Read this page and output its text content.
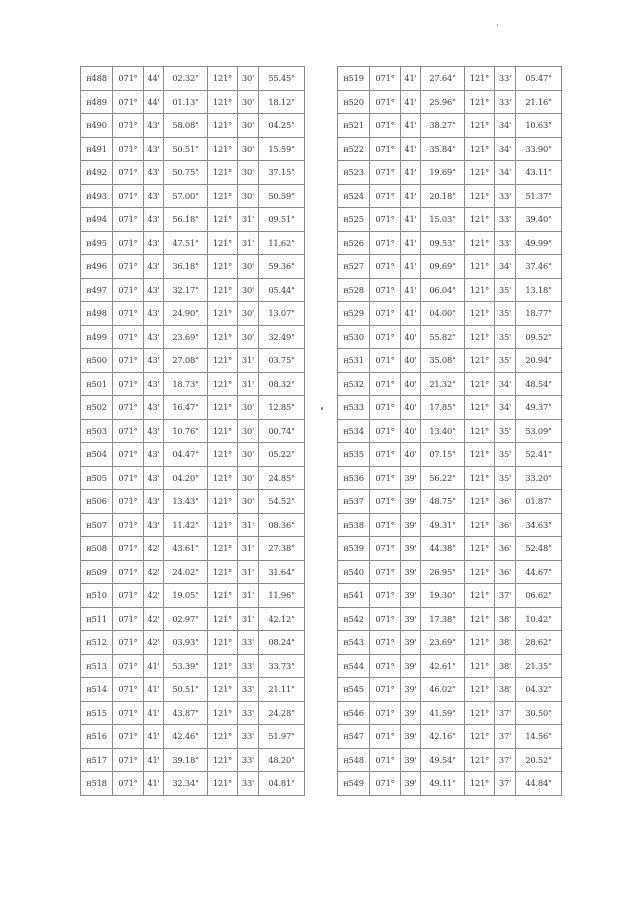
н488	071°	44'	02.32"	121°	30'	55.45"
н489	071°	44'	01.13"	121°	30'	18.12"
н490	071°	43'	58.08"	121°	30'	04.25"
н491	071°	43'	50.51"	121°	30'	15.59"
н492	071°	43'	50.75"	121°	30'	37.15"
н493	071°	43'	57.00"	121°	30'	50.59"
н494	071°	43'	56.18"	121°	31'	09.51"
н495	071°	43'	47.51"	121°	31'	11.62"
н496	071°	43'	36.18"	121°	30'	59.36"
н497	071°	43'	32.17"	121°	30'	05.44"
н498	071°	43'	24.90"	121°	30'	13.07"
н499	071°	43'	23.69"	121°	30'	32.49"
н500	071°	43'	27.08"	121°	31'	03.75"
н501	071°	43'	18.73"	121°	31'	08.32"
н502	071°	43'	16.47"	121°	30'	12.85"
н503	071°	43'	10.76"	121°	30'	00.74"
н504	071°	43'	04.47"	121°	30'	05.22"
н505	071°	43'	04.20"	121°	30'	24.85"
н506	071°	43'	13.43"	121°	30'	54.52"
н507	071°	43'	11.42"	121°	31'	08.36"
н508	071°	42'	43.61"	121°	31'	27.38"
н509	071°	42'	24.02"	121°	31'	31.64"
н510	071°	42'	19.05"	121°	31'	11.96"
н511	071°	42'	02.97"	121°	31'	42.12"
н512	071°	42'	03.93"	121°	33'	08.24"
н513	071°	41'	53.39"	121°	33'	33.73"
н514	071°	41'	50.51"	121°	33'	21.11"
н515	071°	41'	43.87"	121°	33'	24.28"
н516	071°	41'	42.46"	121°	33'	51.97"
н517	071°	41'	39.18"	121°	33'	48.20"
н518	071°	41'	32.34"	121°	33'	04.81"
н519	071°	41'	27.64"	121°	33'	05.47"
н520	071°	41'	25.96"	121°	33'	21.16"
н521	071°	41'	38.27"	121°	34'	10.63"
н522	071°	41'	35.84"	121°	34'	33.90"
н523	071°	41'	19.69"	121°	34'	43.11"
н524	071°	41'	20.18"	121°	33'	51.37"
н525	071°	41'	15.03"	121°	33'	39.40"
н526	071°	41'	09.53"	121°	33'	49.99"
н527	071°	41'	09.69"	121°	34'	37.46"
н528	071°	41'	06.04"	121°	35'	13.18"
н529	071°	41'	04.00"	121°	35'	18.77"
н530	071°	40'	55.82"	121°	35'	09.52"
н531	071°	40'	35.08"	121°	35'	20.94"
н532	071°	40'	21.32"	121°	34'	48.54"
н533	071°	40'	17.85"	121°	34'	49.37"
н534	071°	40'	13.40"	121°	35'	53.09"
н535	071°	40'	07.15"	121°	35'	52.41"
н536	071°	39'	56.22"	121°	35'	33.20"
н537	071°	39'	48.75"	121°	36'	01.87"
н538	071°	39'	49.31"	121°	36'	34.63"
н539	071°	39'	44.38"	121°	36'	52.48"
н540	071°	39'	26.95"	121°	36'	44.67"
н541	071°	39'	19.30"	121°	37'	06.62"
н542	071°	39'	17.38"	121°	38'	10.42"
н543	071°	39'	23.69"	121°	38'	28.62"
н544	071°	39'	42.61"	121°	38'	21.35"
н545	071°	39'	46.02"	121°	38'	04.32"
н546	071°	39'	41.59"	121°	37'	30.50"
н547	071°	39'	42.16"	121°	37'	14.56"
н548	071°	39'	49.54"	121°	37'	20.52"
н549	071°	39'	49.11"	121°	37'	44.84"
